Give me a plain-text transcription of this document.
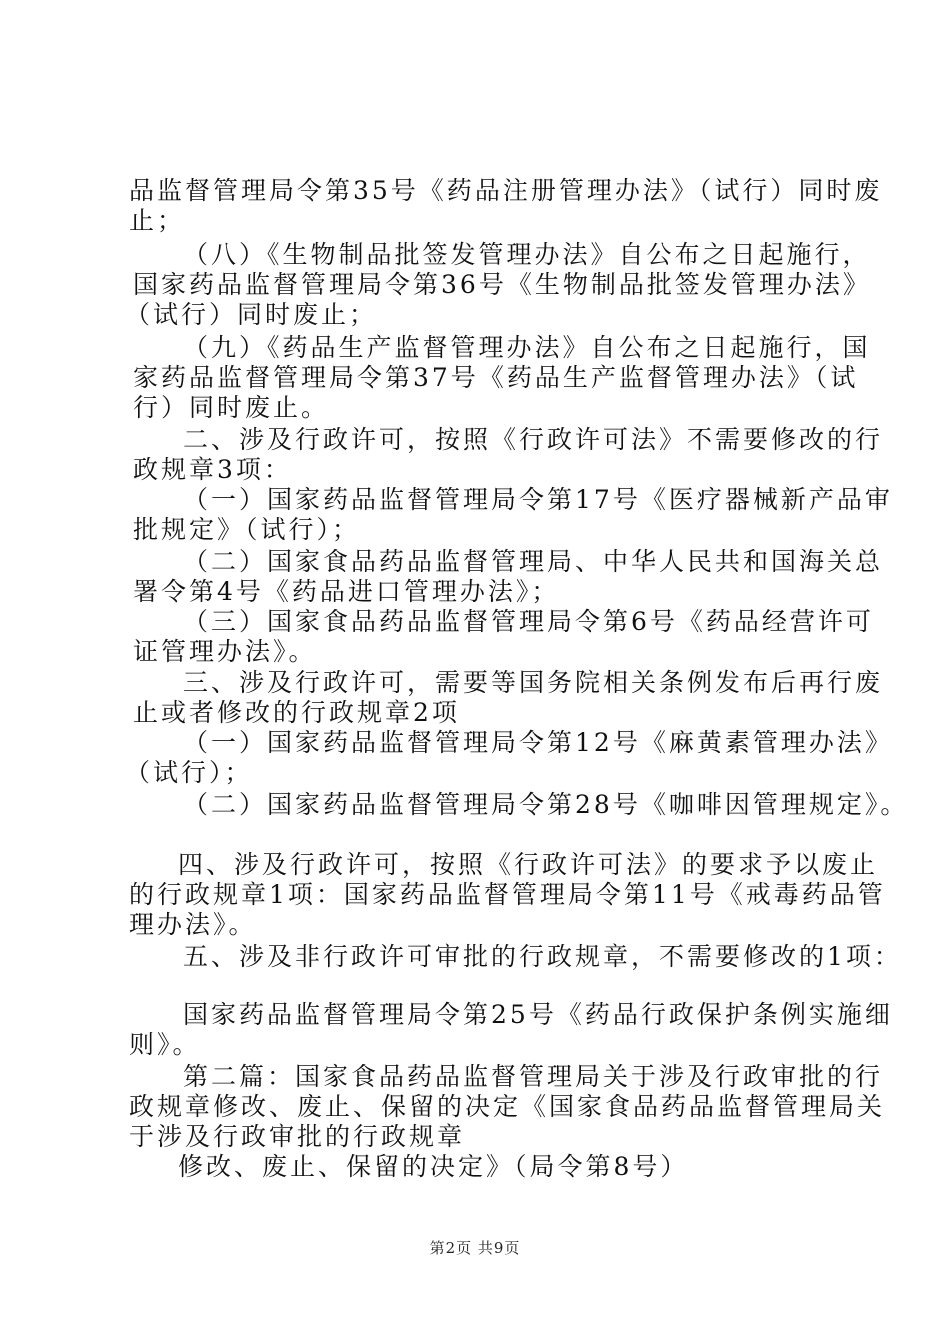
品监督管理局令第35号《药品注册管理办法》（试行）同时废
止；
（八）《生物制品批签发管理办法》自公布之日起施行，
国家药品监督管理局令第36号《生物制品批签发管理办法》
（试行）同时废止；
（九）《药品生产监督管理办法》自公布之日起施行，国
家药品监督管理局令第37号《药品生产监督管理办法》（试
行）同时废止。
二、涉及行政许可，按照《行政许可法》不需要修改的行
政规章3项：
（一）国家药品监督管理局令第17号《医疗器械新产品审
批规定》（试行）；
（二）国家食品药品监督管理局、中华人民共和国海关总
署令第4号《药品进口管理办法》；
（三）国家食品药品监督管理局令第6号《药品经营许可
证管理办法》。
三、涉及行政许可，需要等国务院相关条例发布后再行废
止或者修改的行政规章2项
（一）国家药品监督管理局令第12号《麻黄素管理办法》
（试行）；
（二）国家药品监督管理局令第28号《咖啡因管理规定》。
四、涉及行政许可，按照《行政许可法》的要求予以废止
的行政规章1项：国家药品监督管理局令第11号《戒毒药品管
理办法》。
五、涉及非行政许可审批的行政规章，不需要修改的1项：
国家药品监督管理局令第25号《药品行政保护条例实施细
则》。
第二篇：国家食品药品监督管理局关于涉及行政审批的行
政规章修改、废止、保留的决定《国家食品药品监督管理局关
于涉及行政审批的行政规章
修改、废止、保留的决定》（局令第8号）
第2页 共9页
